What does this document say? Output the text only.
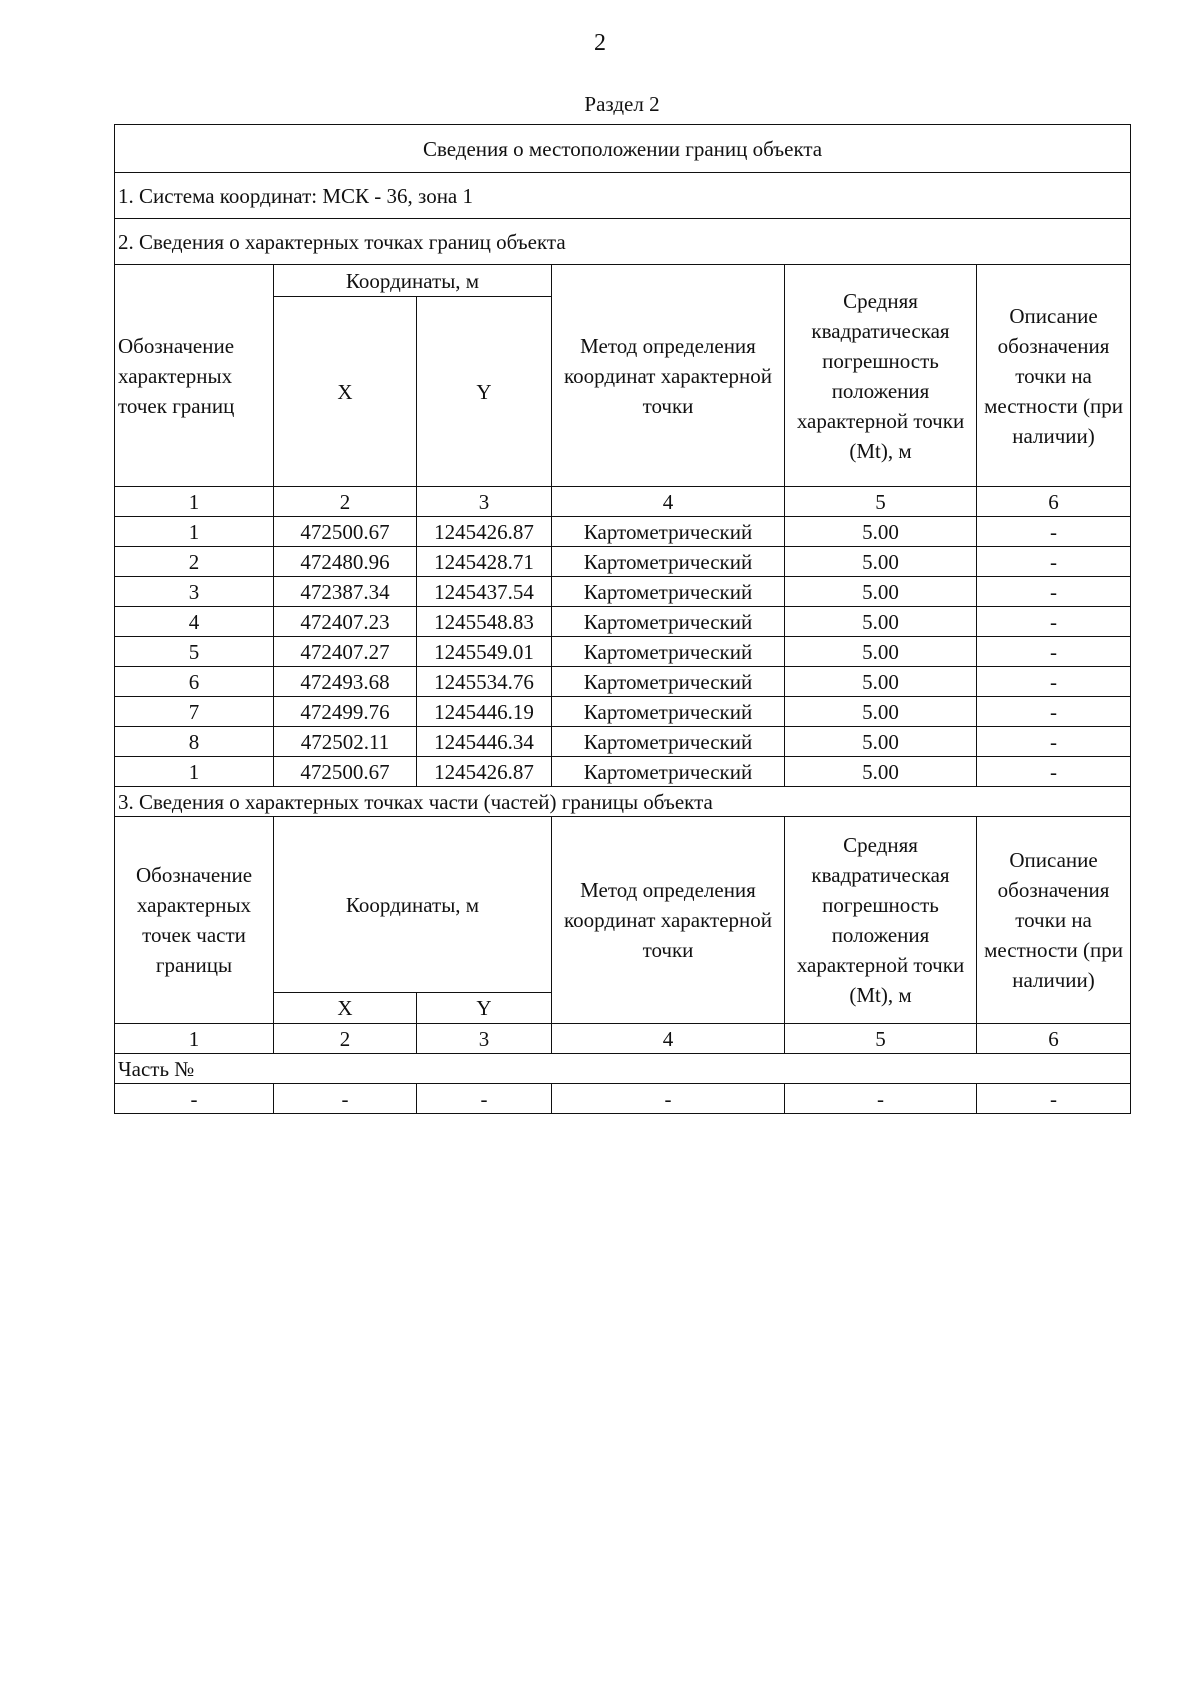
2
Раздел 2
Сведения о местоположении границ объекта					
1. Система координат: МСК - 36, зона 1					
2. Сведения о характерных точках границ объекта					
Обозначение характерных точек границ	Координаты, м		Метод определения координат характерной точки	Средняя квадратическая погрешность положения характерной точки (Mt), м	Описание обозначения точки на местности (при наличии)
	X	Y			
1	2	3	4	5	6
1	472500.67	1245426.87	Картометрический	5.00	-
2	472480.96	1245428.71	Картометрический	5.00	-
3	472387.34	1245437.54	Картометрический	5.00	-
4	472407.23	1245548.83	Картометрический	5.00	-
5	472407.27	1245549.01	Картометрический	5.00	-
6	472493.68	1245534.76	Картометрический	5.00	-
7	472499.76	1245446.19	Картометрический	5.00	-
8	472502.11	1245446.34	Картометрический	5.00	-
1	472500.67	1245426.87	Картометрический	5.00	-
3. Сведения о характерных точках части (частей) границы объекта					
Обозначение характерных точек части границы	Координаты, м		Метод определения координат характерной точки	Средняя квадратическая погрешность положения характерной точки (Mt), м	Описание обозначения точки на местности (при наличии)
	X	Y			
1	2	3	4	5	6
Часть №					
-	-	-	-	-	-
